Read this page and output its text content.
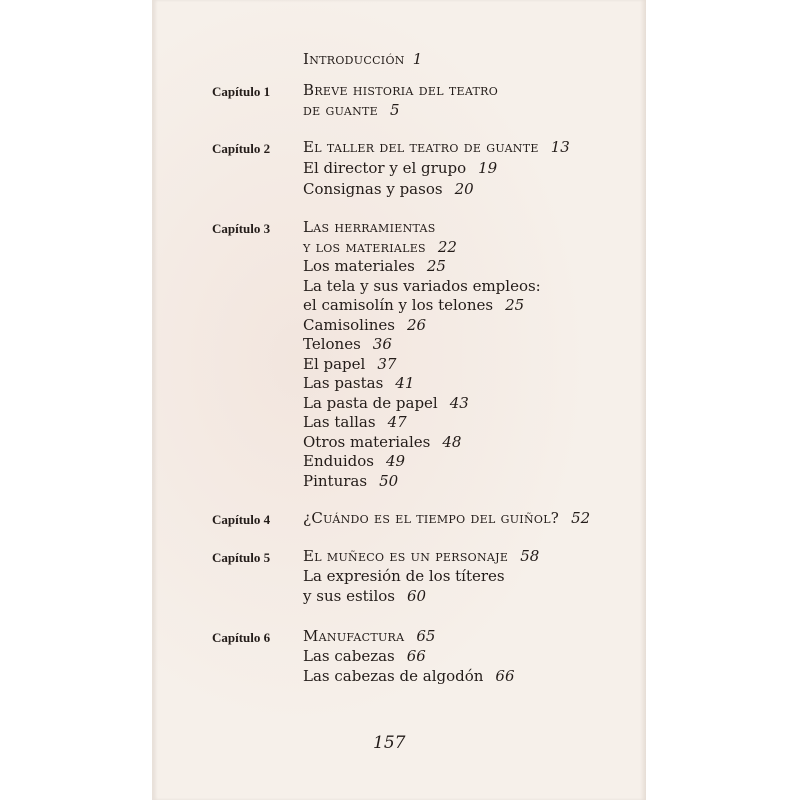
Introducción 1
Capítulo 1 Breve historia del teatro
de guante 5
Capítulo 2 El taller del teatro de guante 13
El director y el grupo 19
Consignas y pasos 20
Capítulo 3 Las herramientas
y los materiales 22
Los materiales 25
La tela y sus variados empleos:
el camisolín y los telones 25
Camisolines 26
Telones 36
El papel 37
Las pastas 41
La pasta de papel 43
Las tallas 47
Otros materiales 48
Enduidos 49
Pinturas 50
Capítulo 4 ¿Cuándo es el tiempo del guiñol? 52
Capítulo 5 El muñeco es un personaje 58
La expresión de los títeres
y sus estilos 60
Capítulo 6 Manufactura 65
Las cabezas 66
Las cabezas de algodón 66
157
